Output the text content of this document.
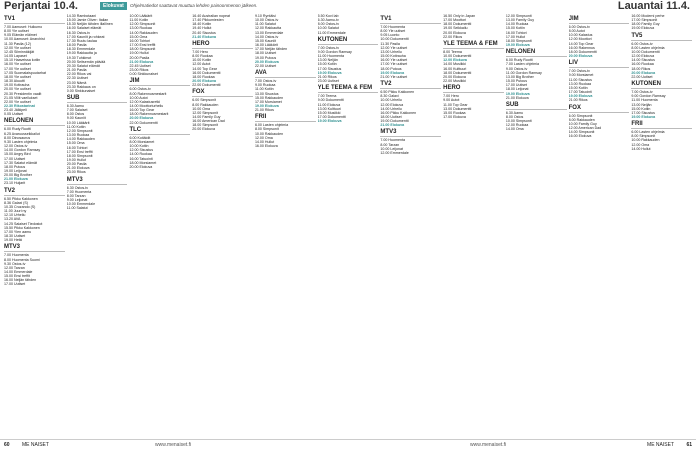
Perjantai 10.4.	Elokuvat	Ohjelmatiedot saattavat muuttua lehden painoonmenon jälkeen.	Lauantai 11.4.
TV1
7.00 Aamuset: Huikumo
8.00 Yle uutiset
9.05 Elämän eläimet
10.00 Aamuset: Anarchist
11.30 Pasila (12)
12.00 Yle uutiset
12.45 Silminnäkijät
14.05 Lapaset
15.10 Haaveissa kotiin
16.00 Yle uutiset
17.00 Yle uutiset
17.05 Suomalaispuutarhat
18.00 Yle uutiset
18.30 Akuutti
19.00 Kotirauha
20.00 Yle uutiset
20.30 Presidentin vaalit
21.05 Villit vaellukset
22.00 Yle uutiset
22.30 Rikostarinat
23.40 Jälkipeli
0.05 Uutiset
NELONEN
6.00 Rudy Ruotti
6.25 Avaruusseikkailut
8.00 Dinosaurus
9.30 Lasten ohjelmia
12.00 Ostos-tv
14.00 Gordon Ramsay
15.00 Angry Bird
17.00 Uutiset
17.30 Salatut elämät
18.00 Putous
19.00 Leijonat
20.00 Big Brother
21.00 Elokuva
23.10 Huijarit
TV2
6.50 Pikku Kakkonen
8.36 Galaxi (S)
10.35 Cruzando (S)
11.00 Juuri ny
12.10 Urheilu
13.20 AVA
14.25 Salaiset Tiedostot
15.50 Pikku Kakkonen
17.00 Ylen aamu
18.30 Uutiset
19.00 Hetki
MTV3
7.00 Huomenta
8.00 Huomenta Suomi
9.30 Ostos-tv
12.00 Tarzan
14.00 Emmerdale
15.00 Ensi treffit
16.00 Neljän tähden
17.00 Uutiset
14.30 Rambotaani
15.00 Jamie Oliver: Italian
15.30 Neljän tähden illallinen
16.00 Salaiset elämät
16.30 Ostos-tv
17.00 Kauniit ja rohkeat
17.30 Ruutu laulaa
18.00 Pasila
18.30 Emmerdale
19.00 Rakkautta ja
19.30 Tuhkimot
20.00 Seitsemän päivää
20.30 Salatut elämät
21.00 Pasila
22.00 Rikos vai
22.30 Uutiset
23.00 Nämä
23.30 Rakkaus on
0.00 Sinkkunaiset
SUB
6.30 Aamu
7.00 Salaiset
8.00 Ostos
9.00 Kauniit
10.00 Lääkärit
11.00 Kotiin
12.00 Simpsonit
13.00 Ruokaa
14.00 Rakkauden
15.00 Oma
16.00 Tohtori
17.00 Ensi treffit
18.00 Simpsonit
19.00 Hullut
20.00 Pasila
21.00 Elokuva
23.00 Rikos
MTV3
6.30 Ostos-tv
7.00 Huomenta
8.00 Tarzan
9.00 Leijonat
10.00 Emmerdale
11.00 Salatut
10.00 Lääkärit
11.00 Kotiin
12.00 Simpsonit
13.00 Ruokaa
14.00 Rakkauden
15.00 Oma
16.00 Tohtori
17.00 Ensi treffit
18.00 Simpsonit
19.00 Hullut
20.00 Pasila
21.00 Elokuva
22.45 Uutiset
23.00 Rikos
0.00 Sinkkunaiset
JIM
6.00 Ostos-tv
8.00 Rakennusmestarit
10.00 Autot
12.00 Kalastusretki
14.00 Moottoriurheilu
16.00 Top Gear
18.00 Rakennusmestarit
20.00 Elokuva
22.00 Dokumentti
TLC
6.00 Kotiäidit
8.00 Morsiamet
10.00 Kotiin
12.00 Sisustus
14.00 Ruokaa
16.00 Tatuointi
18.00 Morsiamet
20.00 Elokuva
16.40 Australian nopeat
17.40 Pikkumiesten
18.40 Kotiin
19.40 Hullut
20.40 Sisustus
21.40 Elokuva
HERO
7.00 Hero
8.00 Ruokaa
10.00 Kotiin
12.00 Autot
14.00 Top Gear
16.00 Dokumentti
18.00 Ruokaa
20.00 Elokuva
22.00 Dokumentti
FOX
6.00 Simpsonit
8.00 Rakkauden
10.00 Oma
12.00 Simpsonit
14.00 Family Guy
16.00 American Dad
18.00 Simpsonit
20.00 Elokuva
9.10 Ryntäisi
10.00 Ostos-tv
11.00 Salatut
12.00 Rakkautta
13.00 Emmerdale
14.00 Ostos-tv
15.00 Kauniit
16.00 Lääkärit
17.00 Neljän tähden
18.00 Uutiset
19.00 Putous
20.00 Elokuva
22.00 Uutiset
AVA
7.00 Ostos-tv
9.00 Ruokaa
11.00 Kotiin
13.00 Sisustus
15.00 Rakkauden
17.00 Morsiamet
19.00 Elokuva
21.00 Rikos
FRII
6.00 Lasten ohjelmia
8.00 Simpsonit
10.00 Rakkauden
12.00 Oma
14.00 Hullut
16.00 Elokuva
5.50 Kovi lab
6.30 Aamu-tv
8.00 Ostos-tv
10.00 Salatut
11.00 Emmerdale
KUTONEN
7.00 Ostos-tv
9.00 Gordon Ramsay
11.00 Huomenta
13.00 Neljän
15.00 Kotiin
17.00 Sisustus
19.00 Elokuva
21.00 Rikos
23.00 Uutiset
YLE TEEMA & FEM
7.00 Teema
9.00 Dokumentti
11.00 Elokuva
13.00 Kulttuuri
15.00 Musiikki
17.00 Dokumentti
19.00 Elokuva
TV1
7.00 Huomenta
8.00 Yle uutiset
9.05 Luonto
10.00 Dokumentti
11.30 Pasila
12.00 Yle uutiset
13.00 Urheilu
15.00 Kotirauha
16.00 Yle uutiset
17.00 Yle uutiset
18.00 Putous
19.00 Elokuva
21.00 Yle uutiset
TV2
6.50 Pikku Kakkonen
8.30 Galaxi
10.00 Urheilu
12.00 Elokuva
14.00 Urheilu
16.00 Pikku Kakkonen
18.00 Uutiset
19.00 Dokumentti
21.00 Elokuva
MTV3
7.00 Huomenta
8.00 Tarzan
10.00 Leijonat
12.00 Emmerdale
16.50 Only in Japan
17.00 Moottori
18.00 Dokumentti
19.00 Seikkailu
20.00 Elokuva
22.00 Rikos
YLE TEEMA & FEM
8.00 Teema
10.00 Dokumentti
12.00 Elokuva
14.00 Musiikki
16.00 Kulttuuri
18.00 Dokumentti
20.00 Elokuva
22.00 Musiikki
HERO
7.00 Hero
9.00 Autot
11.00 Top Gear
13.00 Dokumentti
15.00 Ruokaa
17.00 Elokuva
12.00 Simpsonit
13.00 Family Guy
14.00 Ruokaa
15.00 Kotiin
16.00 Tohtori
17.00 Hullut
18.00 Simpsonit
19.00 Elokuva
NELONEN
6.00 Rudy Ruotti
7.00 Lasten ohjelmia
9.00 Ostos-tv
11.00 Gordon Ramsay
13.00 Big Brother
15.00 Putous
17.00 Uutiset
18.00 Leijonat
19.00 Elokuva
21.00 Elokuva
SUB
6.30 Aamu
8.00 Ostos
10.00 Simpsonit
12.00 Ruokaa
14.00 Oma
JIM
6.00 Ostos-tv
8.00 Autot
10.00 Kalastus
12.00 Moottori
14.00 Top Gear
16.00 Rakennus
18.00 Dokumentti
20.00 Elokuva
LIV
7.00 Ostos-tv
9.00 Morsiamet
11.00 Sisustus
13.00 Ruokaa
15.00 Kotiin
17.00 Tatuointi
19.00 Elokuva
21.00 Rikos
FOX
6.00 Simpsonit
8.00 Rakkauden
10.00 Family Guy
12.00 American Dad
14.00 Simpsonit
16.00 Elokuva
16.00 Moderni perhe
17.00 Simpsonit
18.00 Family Guy
19.00 Elokuva
TV5
6.00 Ostos-tv
8.00 Lasten ohjelmia
10.00 Dokumentti
12.00 Elokuva
14.00 Sisustus
16.00 Ruokaa
18.00 Rikos
20.00 Elokuva
22.00 Uutiset
KUTONEN
7.00 Ostos-tv
9.00 Gordon Ramsay
11.00 Huomenta
13.00 Neljän
15.00 Kotiin
17.00 Sisustus
19.00 Elokuva
FRII
6.00 Lasten ohjelmia
8.00 Simpsonit
10.00 Rakkauden
12.00 Oma
14.00 Hullut
60 ME NAISET	www.menaiset.fi	www.menaiset.fi	ME NAISET 61
